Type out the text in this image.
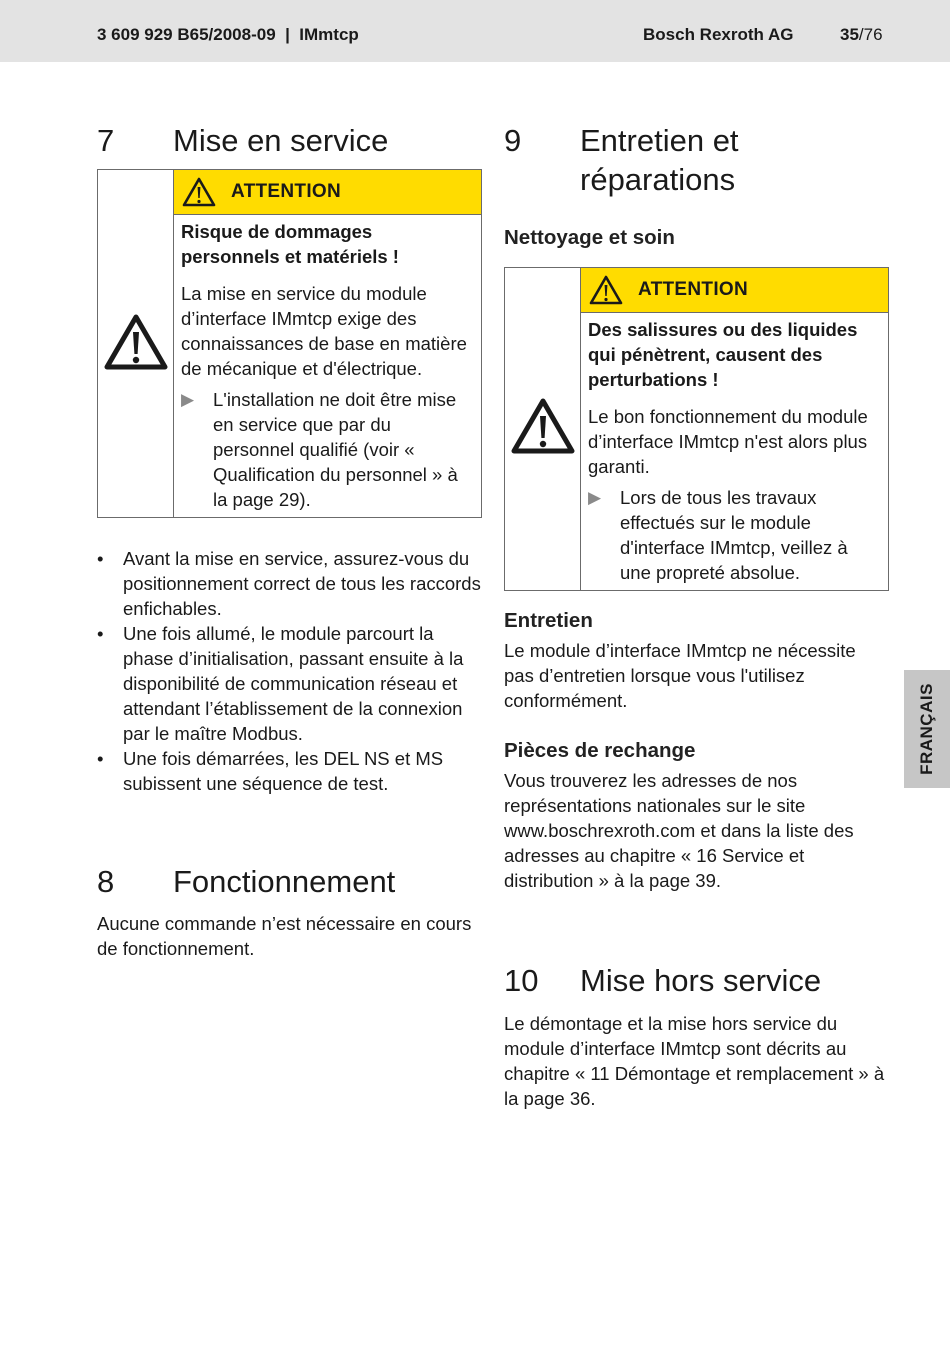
3 609 929 B65/2008-09  |  IMmtcp	Bosch Rexroth AG	35/76
FRANÇAIS
7 Mise en service
ATTENTION

Risque de dommages personnels et matériels !

La mise en service du module d’interface IMmtcp exige des connaissances de base en matière de mécanique et d'électrique.

▶ L'installation ne doit être mise en service que par du personnel qualifié (voir « Qualification du personnel » à la page 29).
• Avant la mise en service, assurez-vous du positionnement correct de tous les raccords enfichables.
• Une fois allumé, le module parcourt la phase d’initialisation, passant ensuite à la disponibilité de communication réseau et attendant l’établissement de la connexion par le maître Modbus.
• Une fois démarrées, les DEL NS et MS subissent une séquence de test.
8 Fonctionnement

Aucune commande n’est nécessaire en cours de fonctionnement.

9 Entretien et réparations
Nettoyage et soin
ATTENTION

Des salissures ou des liquides qui pénètrent, causent des perturbations !

Le bon fonctionnement du module d’interface IMmtcp n'est alors plus garanti.

▶ Lors de tous les travaux effectués sur le module d'interface IMmtcp, veillez à une propreté absolue.
Entretien

Le module d’interface IMmtcp ne nécessite pas d’entretien lorsque vous l'utilisez conformément.

Pièces de rechange

Vous trouverez les adresses de nos représentations nationales sur le site www.boschrexroth.com et dans la liste des adresses au chapitre « 16 Service et distribution » à la page 39.

10 Mise hors service

Le démontage et la mise hors service du module d’interface IMmtcp sont décrits au chapitre « 11 Démontage et remplacement » à la page 36.
